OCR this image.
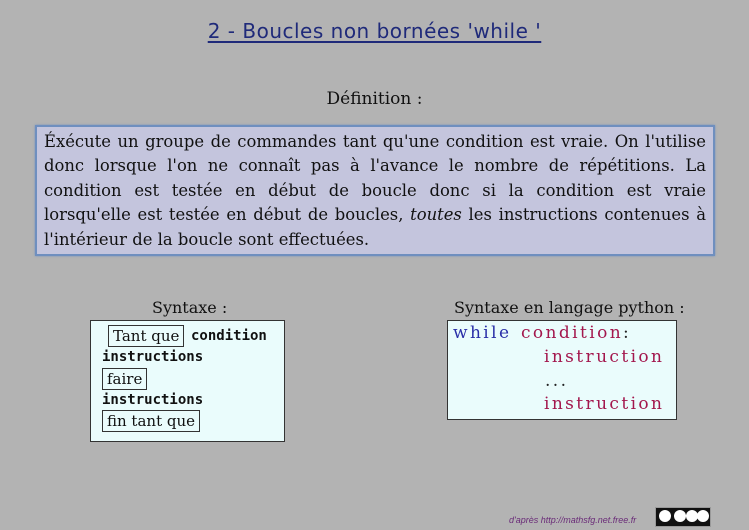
2 - Boucles non bornées 'while '
Définition :
Éxécute un groupe de commandes tant qu'une condition est vraie. On l'utilise donc lorsque l'on ne connaît pas à l'avance le nombre de répétitions. La condition est testée en début de boucle donc si la condition est vraie lorsqu'elle est testée en début de boucles, toutes les instructions contenues à l'intérieur de la boucle sont effectuées.
Syntaxe :	Syntaxe en langage python :
Tant que condition
instructions
faire
instructions
fin tant que
while condition :
instruction
...
instruction
d'après http://mathsfg.net.free.fr
